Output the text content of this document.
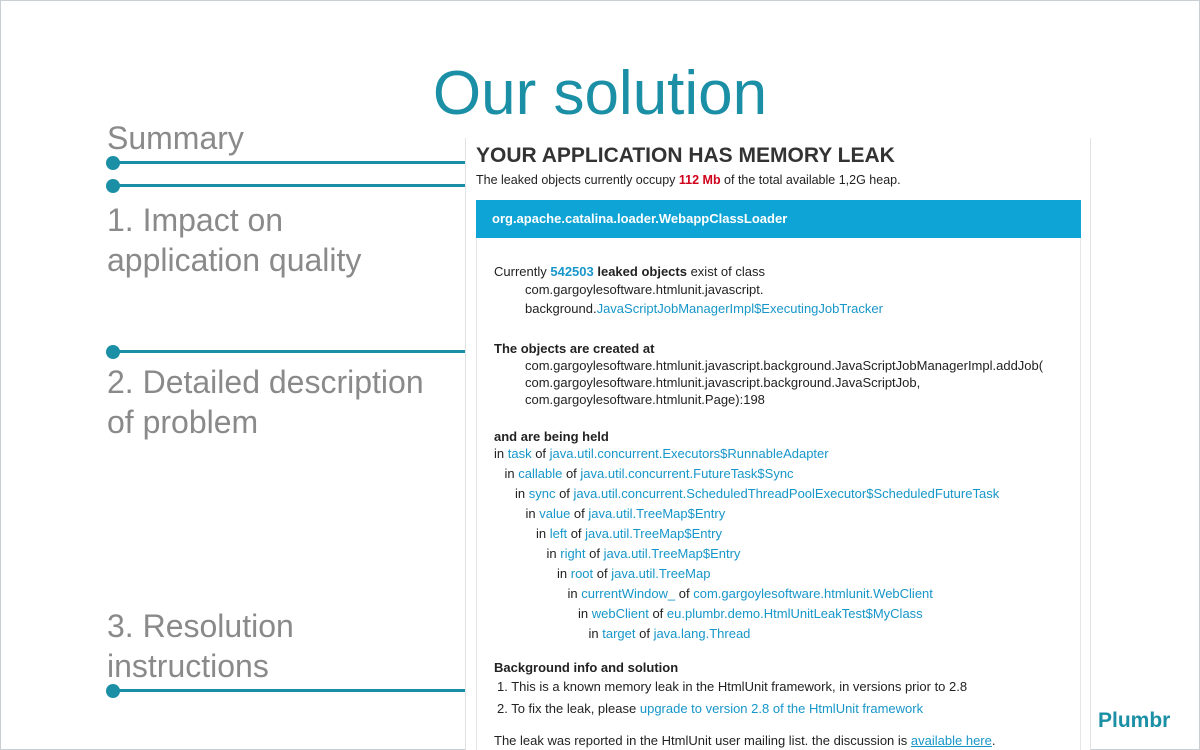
Our solution
Summary
1. Impact on
application quality
2. Detailed description
of problem
3. Resolution
instructions
YOUR APPLICATION HAS MEMORY LEAK
The leaked objects currently occupy 112 Mb of the total available 1,2G heap.
org.apache.catalina.loader.WebappClassLoader
Currently 542503 leaked objects exist of class
com.gargoylesoftware.htmlunit.javascript.
background.JavaScriptJobManagerImpl$ExecutingJobTracker
The objects are created at
com.gargoylesoftware.htmlunit.javascript.background.JavaScriptJobManagerImpl.addJob(
com.gargoylesoftware.htmlunit.javascript.background.JavaScriptJob,
com.gargoylesoftware.htmlunit.Page):198
and are being held
in task of java.util.concurrent.Executors$RunnableAdapter
in callable of java.util.concurrent.FutureTask$Sync
in sync of java.util.concurrent.ScheduledThreadPoolExecutor$ScheduledFutureTask
in value of java.util.TreeMap$Entry
in left of java.util.TreeMap$Entry
in right of java.util.TreeMap$Entry
in root of java.util.TreeMap
in currentWindow_ of com.gargoylesoftware.htmlunit.WebClient
in webClient of eu.plumbr.demo.HtmlUnitLeakTest$MyClass
in target of java.lang.Thread
Background info and solution
1. This is a known memory leak in the HtmlUnit framework, in versions prior to 2.8
2. To fix the leak, please upgrade to version 2.8 of the HtmlUnit framework
The leak was reported in the HtmlUnit user mailing list. the discussion is available here.
Plumbr
